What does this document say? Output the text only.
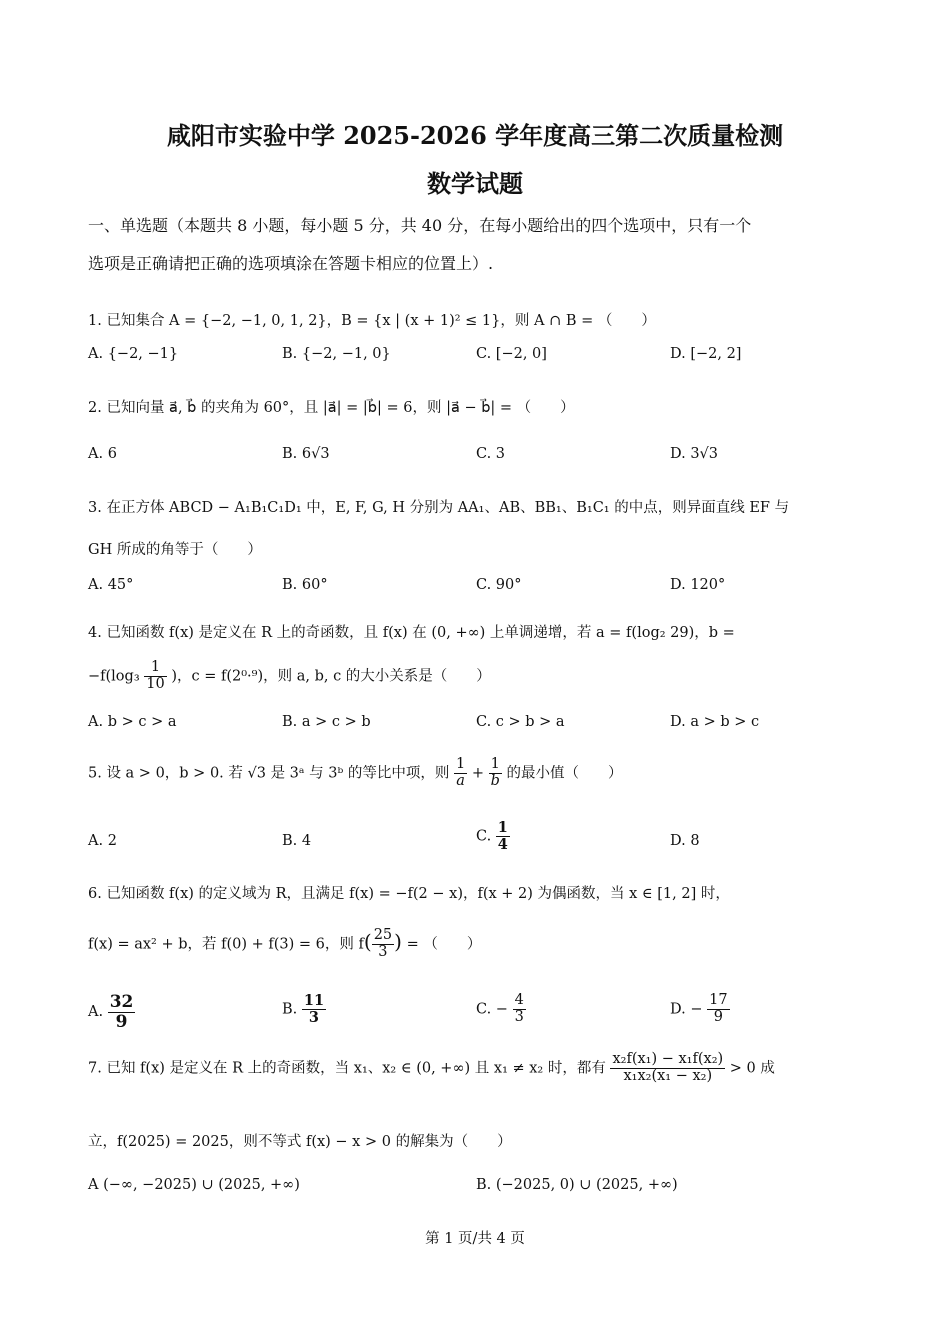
咸阳市实验中学 2025-2026 学年度高三第二次质量检测
数学试题
一、单选题（本题共 8 小题，每小题 5 分，共 40 分，在每小题给出的四个选项中，只有一个
选项是正确请把正确的选项填涂在答题卡相应的位置上）.
1. 已知集合 A = {−2, −1, 0, 1, 2}，B = {x | (x + 1)² ≤ 1}，则 A ∩ B = （　　）
A. {−2, −1}	B. {−2, −1, 0}	C. [−2, 0]	D. [−2, 2]
2. 已知向量 a⃗, b⃗ 的夹角为 60°，且 |a⃗| = |b⃗| = 6，则 |a⃗ − b⃗| = （　　）
A. 6	B. 6√3	C. 3	D. 3√3
3. 在正方体 ABCD − A₁B₁C₁D₁ 中，E, F, G, H 分别为 AA₁、AB、BB₁、B₁C₁ 的中点，则异面直线 EF 与
GH 所成的角等于（　　）
A. 45°	B. 60°	C. 90°	D. 120°
4. 已知函数 f(x) 是定义在 R 上的奇函数，且 f(x) 在 (0, +∞) 上单调递增，若 a = f(log₂ 29)，b =
$-f(\log_3 \frac{1}{10}$ )，c = f(2⁰·⁹)，则 a, b, c 的大小关系是（　　）
A. b > c > a	B. a > c > b	C. c > b > a	D. a > b > c
5. 设 a > 0，b > 0. 若 √3 是 3ᵃ 与 3ᵇ 的等比中项，则 $\frac{1}{a} + \frac{1}{b}$ 的最小值（　　）
A. 2	B. 4	C. $\frac{1}{4}$	D. 8
6. 已知函数 f(x) 的定义域为 R，且满足 f(x) = −f(2 − x)，f(x + 2) 为偶函数，当 x ∈ [1, 2] 时，
f(x) = ax² + b，若 f(0) + f(3) = 6，则 $f( \frac{25}{3}$ ) = （　　）
A. $\frac{32}{9}$	B. $\frac{11}{3}$	C. − $\frac{4}{3}$	D. − $\frac{17}{9}$
7. 已知 f(x) 是定义在 R 上的奇函数，当 x₁、x₂ ∈ (0, +∞) 且 x₁ ≠ x₂ 时，都有 $\frac{\text{x₂f(x₁) − x₁f(x₂)}}{\text{x₁x₂(x₁ − x₂)}} > 0$ 成
立，f(2025) = 2025，则不等式 f(x) − x > 0 的解集为（　　）
A (−∞, −2025) ∪ (2025, +∞)	B. (−2025, 0) ∪ (2025, +∞)
第 1 页/共 4 页
